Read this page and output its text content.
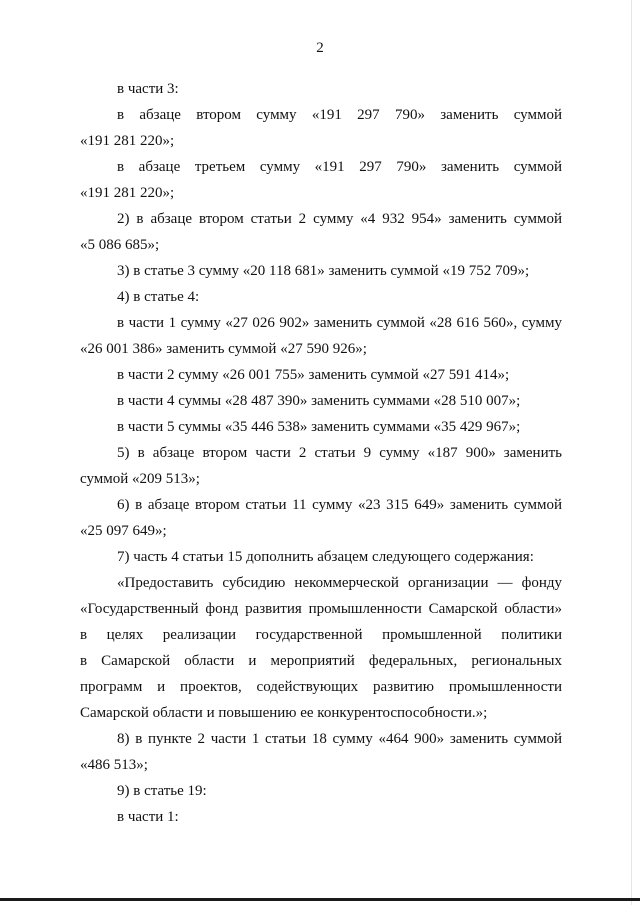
2
в части 3:
в абзаце втором сумму «191 297 790» заменить суммой
«191 281 220»;
в абзаце третьем сумму «191 297 790» заменить суммой
«191 281 220»;
2) в абзаце втором статьи 2 сумму «4 932 954» заменить суммой
«5 086 685»;
3) в статье 3 сумму «20 118 681» заменить суммой «19 752 709»;
4) в статье 4:
в части 1 сумму «27 026 902» заменить суммой «28 616 560», сумму
«26 001 386» заменить суммой «27 590 926»;
в части 2 сумму «26 001 755» заменить суммой «27 591 414»;
в части 4 суммы «28 487 390» заменить суммами «28 510 007»;
в части 5 суммы «35 446 538» заменить суммами «35 429 967»;
5) в абзаце втором части 2 статьи 9 сумму «187 900» заменить
суммой «209 513»;
6) в абзаце втором статьи 11 сумму «23 315 649» заменить суммой
«25 097 649»;
7) часть 4 статьи 15 дополнить абзацем следующего содержания:
«Предоставить субсидию некоммерческой организации — фонду
«Государственный фонд развития промышленности Самарской области»
в целях реализации государственной промышленной политики
в Самарской области и мероприятий федеральных, региональных
программ и проектов, содействующих развитию промышленности
Самарской области и повышению ее конкурентоспособности.»;
8) в пункте 2 части 1 статьи 18 сумму «464 900» заменить суммой
«486 513»;
9) в статье 19:
в части 1:
